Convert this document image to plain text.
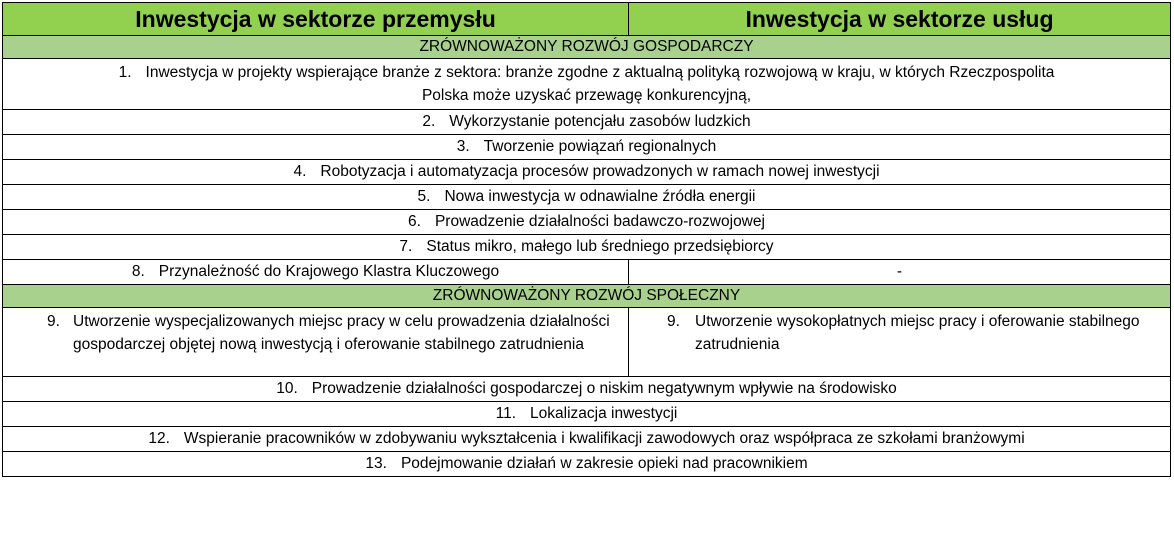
Inwestycja w sektorze przemysłu	Inwestycja w sektorze usług
ZRÓWNOWAŻONY ROZWÓJ GOSPODARCZY	

1. Inwestycja w projekty wspierające branże z sektora: branże zgodne z aktualną polityką rozwojową w kraju, w których Rzeczpospolita
Polska może uzyskać przewagę konkurencyjną,	

2. Wykorzystanie potencjału zasobów ludzkich	
3. Tworzenie powiązań regionalnych	
4. Robotyzacja i automatyzacja procesów prowadzonych w ramach nowej inwestycji	
5. Nowa inwestycja w odnawialne źródła energii	
6. Prowadzenie działalności badawczo-rozwojowej	
7. Status mikro, małego lub średniego przedsiębiorcy	
8. Przynależność do Krajowego Klastra Kluczowego	-
ZRÓWNOWAŻONY ROZWÓJ SPOŁECZNY	

9. Utworzenie wyspecjalizowanych miejsc pracy w celu prowadzenia działalności gospodarczej objętej nową inwestycją i oferowanie stabilnego zatrudnienia	9. Utworzenie wysokopłatnych miejsc pracy i oferowanie stabilnego zatrudnienia

10. Prowadzenie działalności gospodarczej o niskim negatywnym wpływie na środowisko	
11. Lokalizacja inwestycji	
12. Wspieranie pracowników w zdobywaniu wykształcenia i kwalifikacji zawodowych oraz współpraca ze szkołami branżowymi	
13. Podejmowanie działań w zakresie opieki nad pracownikiem	
